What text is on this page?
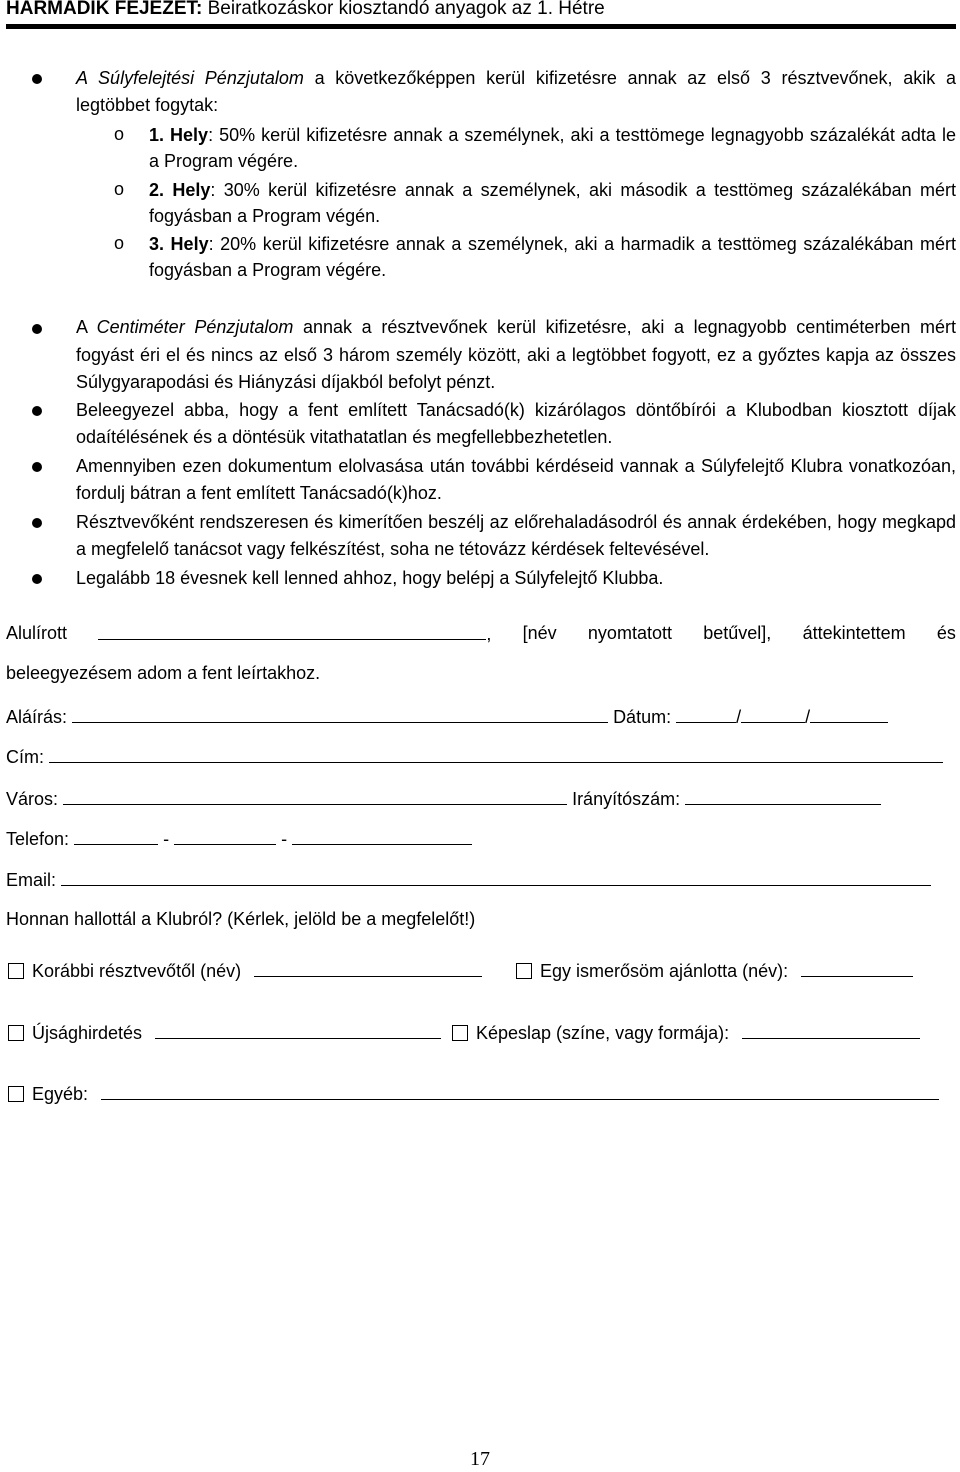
HARMADIK FEJEZET: Beiratkozáskor kiosztandó anyagok az 1. Hétre
A Súlyfelejtési Pénzjutalom a következőképpen kerül kifizetésre annak az első 3 résztvevőnek, akik a legtöbbet fogytak:
o 1. Hely: 50% kerül kifizetésre annak a személynek, aki a testtömege legnagyobb százalékát adta le a Program végére.
o 2. Hely: 30% kerül kifizetésre annak a személynek, aki második a testtömeg százalékában mért fogyásban a Program végén.
o 3. Hely: 20% kerül kifizetésre annak a személynek, aki a harmadik a testtömeg százalékában mért fogyásban a Program végére.
A Centiméter Pénzjutalom annak a résztvevőnek kerül kifizetésre, aki a legnagyobb centiméterben mért fogyást éri el és nincs az első 3 három személy között, aki a legtöbbet fogyott, ez a győztes kapja az összes Súlygyarapodási és Hiányzási díjakból befolyt pénzt.
Beleegyezel abba, hogy a fent említett Tanácsadó(k) kizárólagos döntőbírói a Klubodban kiosztott díjak odaítélésének és a döntésük vitathatatlan és megfellebbezhetetlen.
Amennyiben ezen dokumentum elolvasása után további kérdéseid vannak a Súlyfelejtő Klubra vonatkozóan, fordulj bátran a fent említett Tanácsadó(k)hoz.
Résztvevőként rendszeresen és kimerítően beszélj az előrehaladásodról és annak érdekében, hogy megkapd a megfelelő tanácsot vagy felkészítést, soha ne tétovázz kérdések feltevésével.
Legalább 18 évesnek kell lenned ahhoz, hogy belépj a Súlyfelejtő Klubba.
Alulírott	, [név nyomtatott betűvel], áttekintettem és
beleegyezésem adom a fent leírtakhoz.
Aláírás:	Dátum:	/	/
Cím:
Város:	Irányítószám:
Telefon:	-	-
Email:
Honnan hallottál a Klubról? (Kérlek, jelöld be a megfelelőt!)
Korábbi résztvevőtől (név)	Egy ismerősöm ajánlotta (név):
Újsághirdetés	Képeslap (színe, vagy formája):
Egyéb:
17
